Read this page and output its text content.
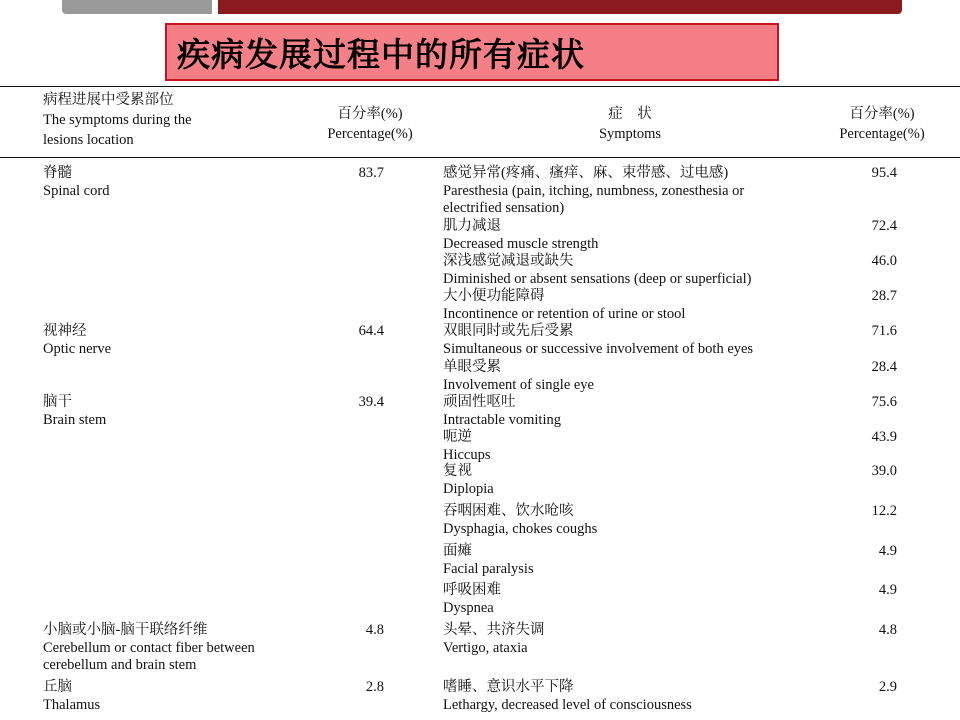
疾病发展过程中的所有症状
病程进展中受累部位
The symptoms during the
lesions location
百分率(%)
Percentage(%)
症　状
Symptoms
百分率(%)
Percentage(%)
脊髓
Spinal cord
83.7
视神经
Optic nerve
64.4
脑干
Brain stem
39.4
小脑或小脑-脑干联络纤维
Cerebellum or contact fiber between
cerebellum and brain stem
4.8
丘脑
Thalamus
2.8
感觉异常(疼痛、瘙痒、麻、束带感、过电感)
Paresthesia (pain, itching, numbness, zonesthesia or
electrified sensation)
95.4
肌力减退
Decreased muscle strength
72.4
深浅感觉减退或缺失
Diminished or absent sensations (deep or superficial)
46.0
大小便功能障碍
Incontinence or retention of urine or stool
28.7
双眼同时或先后受累
Simultaneous or successive involvement of both eyes
71.6
单眼受累
Involvement of single eye
28.4
顽固性呕吐
Intractable vomiting
75.6
呃逆
Hiccups
43.9
复视
Diplopia
39.0
吞咽困难、饮水呛咳
Dysphagia, chokes coughs
12.2
面瘫
Facial paralysis
4.9
呼吸困难
Dyspnea
4.9
头晕、共济失调
Vertigo, ataxia
4.8
嗜睡、意识水平下降
Lethargy, decreased level of consciousness
2.9
